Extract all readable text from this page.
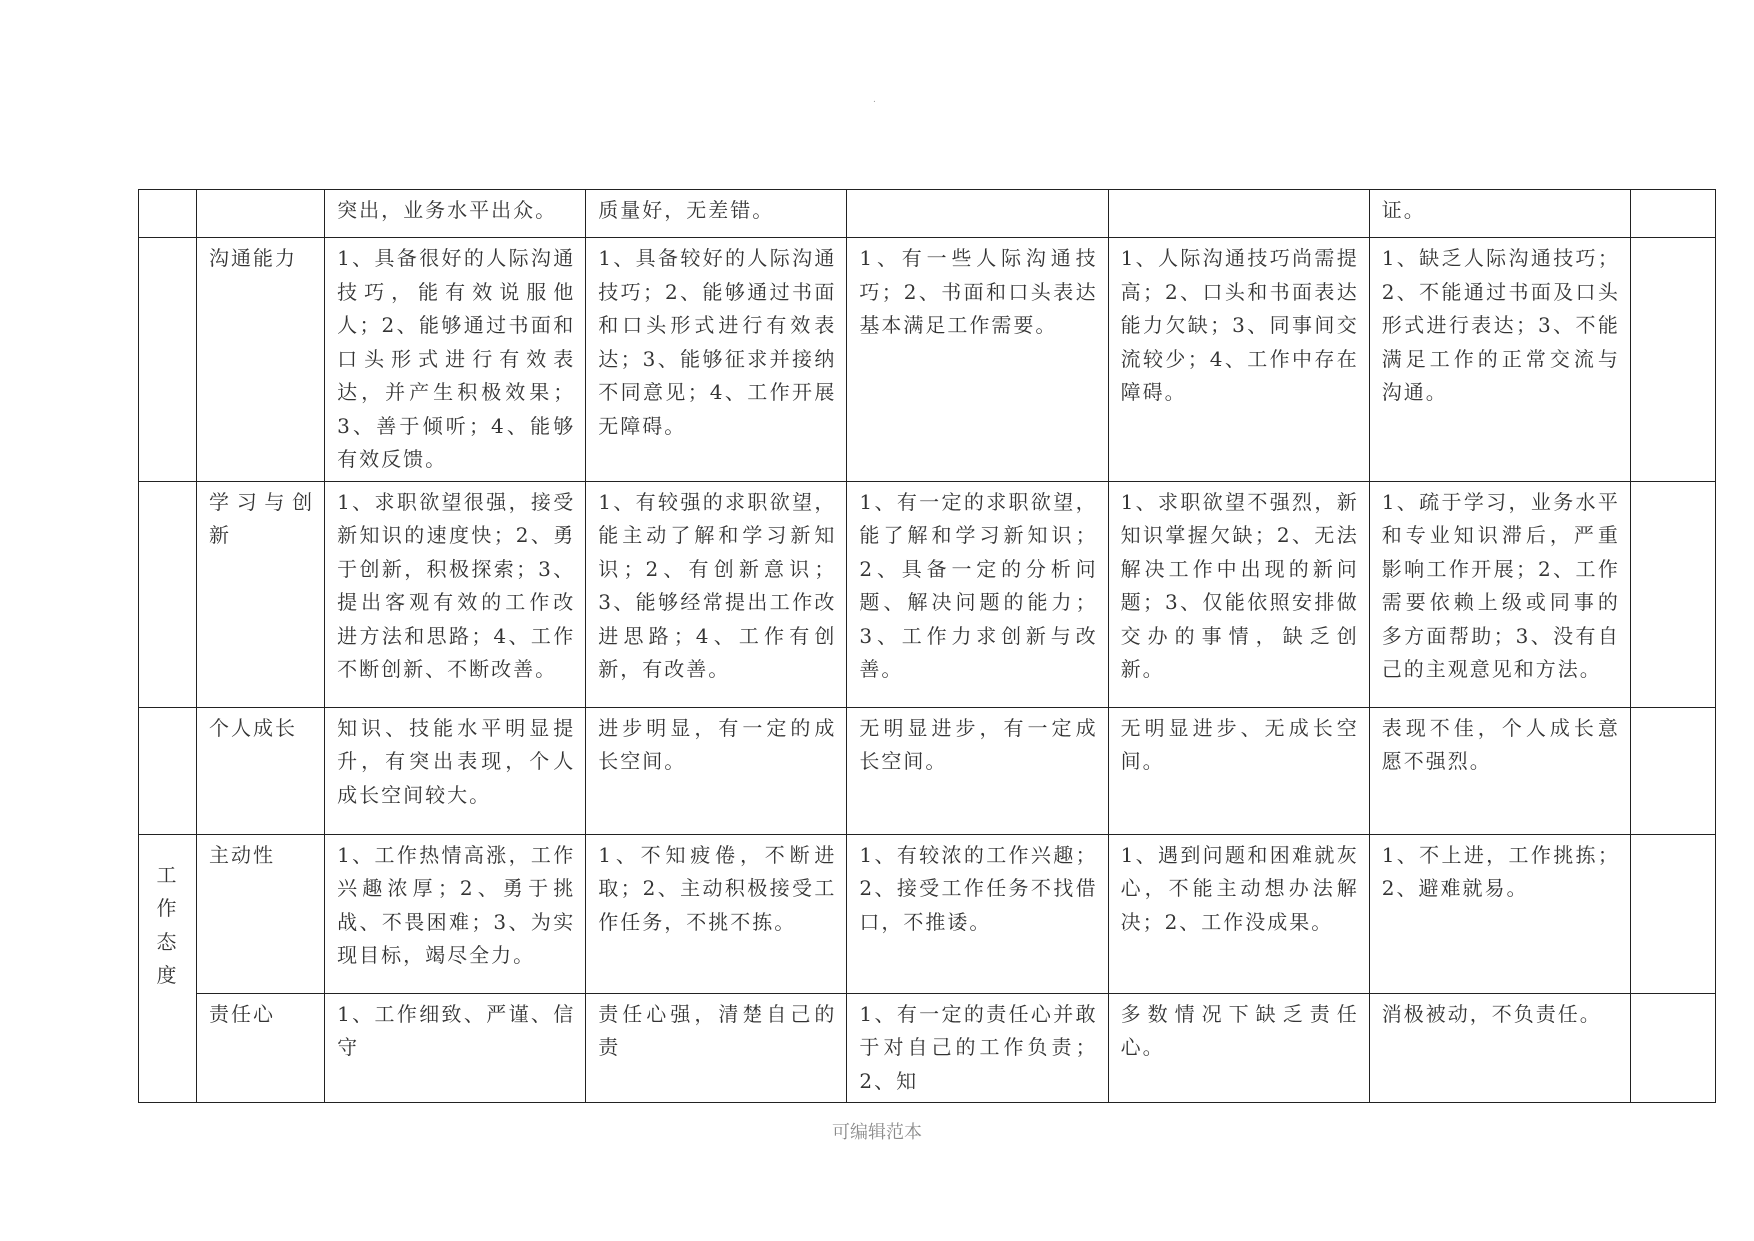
.
		突出，业务水平出众。	质量好，无差错。			证。	
	沟通能力	1、具备很好的人际沟通技巧，能有效说服他人；2、能够通过书面和口头形式进行有效表达，并产生积极效果；3、善于倾听；4、能够有效反馈。	1、具备较好的人际沟通技巧；2、能够通过书面和口头形式进行有效表达；3、能够征求并接纳不同意见；4、工作开展无障碍。	1、有一些人际沟通技巧；2、书面和口头表达基本满足工作需要。	1、人际沟通技巧尚需提高；2、口头和书面表达能力欠缺；3、同事间交流较少；4、工作中存在障碍。	1、缺乏人际沟通技巧；2、不能通过书面及口头形式进行表达；3、不能满足工作的正常交流与沟通。	
	学习与创新	1、求职欲望很强，接受新知识的速度快；2、勇于创新，积极探索；3、提出客观有效的工作改进方法和思路；4、工作不断创新、不断改善。	1、有较强的求职欲望，能主动了解和学习新知识；2、有创新意识；3、能够经常提出工作改进思路；4、工作有创新，有改善。	1、有一定的求职欲望，能了解和学习新知识；2、具备一定的分析问题、解决问题的能力；3、工作力求创新与改善。	1、求职欲望不强烈，新知识掌握欠缺；2、无法解决工作中出现的新问题；3、仅能依照安排做交办的事情，缺乏创新。	1、疏于学习，业务水平和专业知识滞后，严重影响工作开展；2、工作需要依赖上级或同事的多方面帮助；3、没有自己的主观意见和方法。	
	个人成长	知识、技能水平明显提升，有突出表现，个人成长空间较大。	进步明显，有一定的成长空间。	无明显进步，有一定成长空间。	无明显进步、无成长空间。	表现不佳，个人成长意愿不强烈。	
工作态度	主动性	1、工作热情高涨，工作兴趣浓厚；2、勇于挑战、不畏困难；3、为实现目标，竭尽全力。	1、不知疲倦，不断进取；2、主动积极接受工作任务，不挑不拣。	1、有较浓的工作兴趣；2、接受工作任务不找借口，不推诿。	1、遇到问题和困难就灰心，不能主动想办法解决；2、工作没成果。	1、不上进，工作挑拣；2、避难就易。	
	责任心	1、工作细致、严谨、信守	责任心强，清楚自己的责	1、有一定的责任心并敢于对自己的工作负责；2、知	多数情况下缺乏责任心。	消极被动，不负责任。	
可编辑范本
